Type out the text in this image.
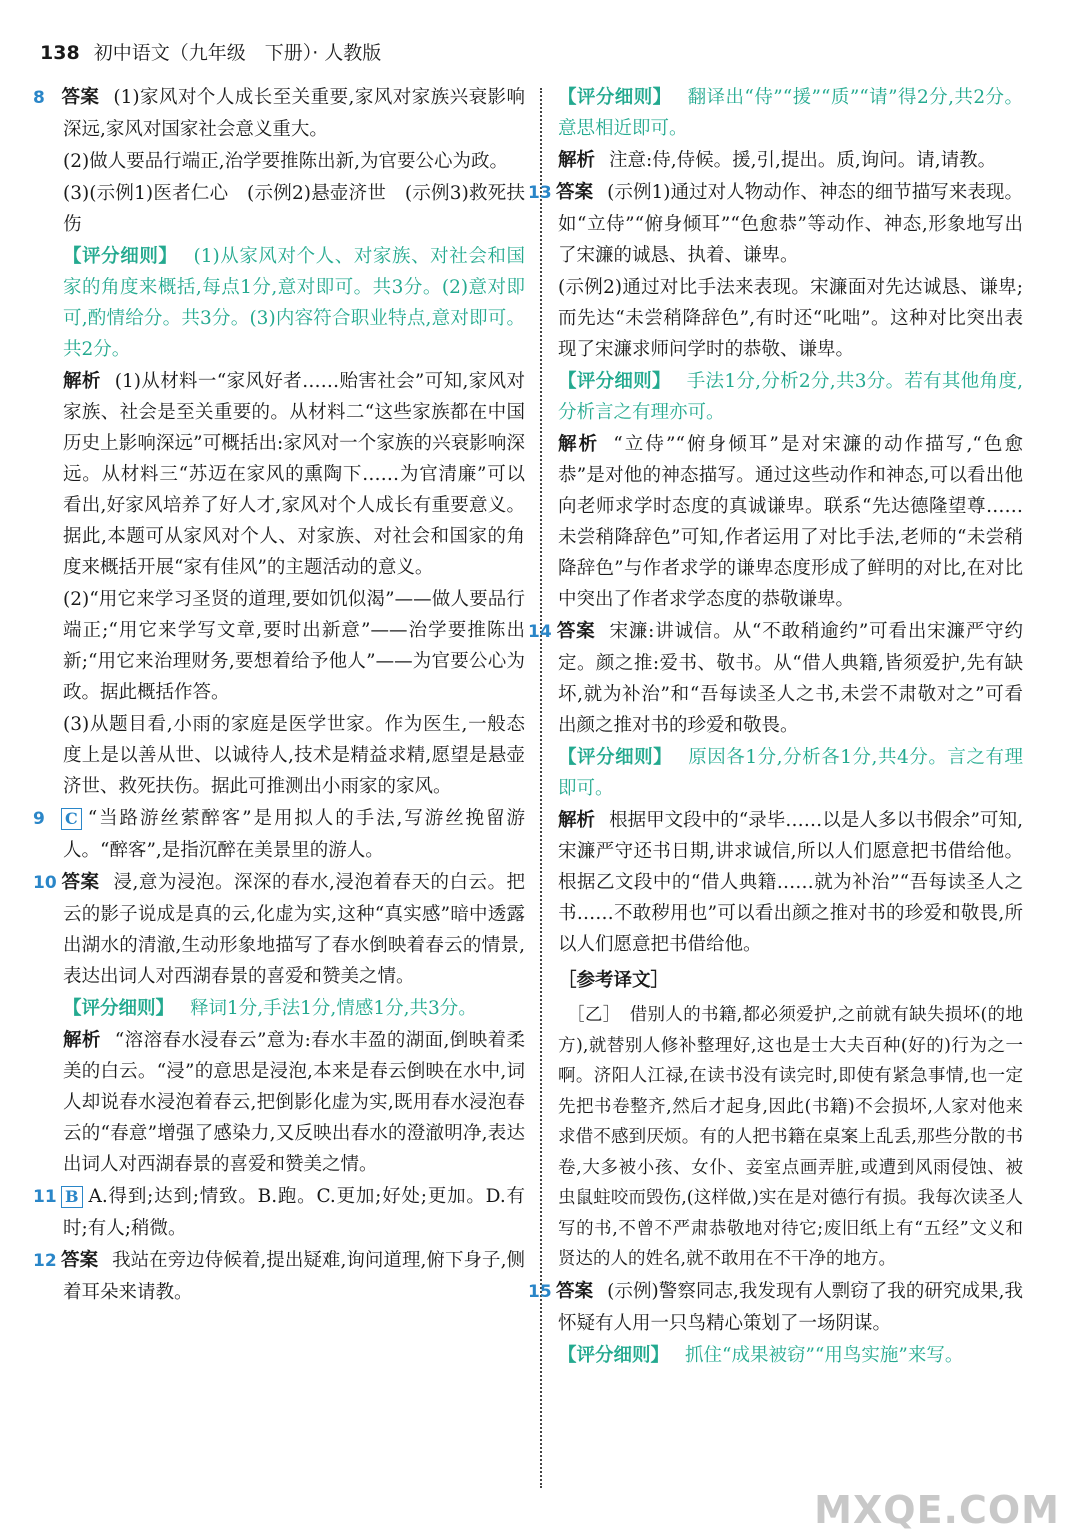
138 初中语文（九年级　下册）· 人教版

8 答案 (1)家风对个人成长至关重要,家风对家族兴衰影响深远,家风对国家社会意义重大。

(2)做人要品行端正,治学要推陈出新,为官要公心为政。

(3)(示例1)医者仁心　(示例2)悬壶济世　(示例3)救死扶伤

【评分细则】 (1)从家风对个人、对家族、对社会和国家的角度来概括,每点1分,意对即可。共3分。(2)意对即可,酌情给分。共3分。(3)内容符合职业特点,意对即可。共2分。

解析 (1)从材料一“家风好者……贻害社会”可知,家风对家族、社会是至关重要的。从材料二“这些家族都在中国历史上影响深远”可概括出:家风对一个家族的兴衰影响深远。从材料三“苏迈在家风的熏陶下……为官清廉”可以看出,好家风培养了好人才,家风对个人成长有重要意义。据此,本题可从家风对个人、对家族、对社会和国家的角度来概括开展“家有佳风”的主题活动的意义。

(2)“用它来学习圣贤的道理,要如饥似渴”——做人要品行端正;“用它来学写文章,要时出新意”——治学要推陈出新;“用它来治理财务,要想着给予他人”——为官要公心为政。据此概括作答。

(3)从题目看,小雨的家庭是医学世家。作为医生,一般态度上是以善从世、以诚待人,技术是精益求精,愿望是悬壶济世、救死扶伤。据此可推测出小雨家的家风。

9 C “当路游丝萦醉客”是用拟人的手法,写游丝挽留游人。“醉客”,是指沉醉在美景里的游人。

10 答案 浸,意为浸泡。深深的春水,浸泡着春天的白云。把云的影子说成是真的云,化虚为实,这种“真实感”暗中透露出湖水的清澈,生动形象地描写了春水倒映着春云的情景,表达出词人对西湖春景的喜爱和赞美之情。

【评分细则】 释词1分,手法1分,情感1分,共3分。

解析 “溶溶春水浸春云”意为:春水丰盈的湖面,倒映着柔美的白云。“浸”的意思是浸泡,本来是春云倒映在水中,词人却说春水浸泡着春云,把倒影化虚为实,既用春水浸泡春云的“春意”增强了感染力,又反映出春水的澄澈明净,表达出词人对西湖春景的喜爱和赞美之情。

11 B A.得到;达到;情致。B.跑。C.更加;好处;更加。D.有时;有人;稍微。

12 答案 我站在旁边侍候着,提出疑难,询问道理,俯下身子,侧着耳朵来请教。

【评分细则】 翻译出“侍”“援”“质”“请”得2分,共2分。意思相近即可。

解析 注意:侍,侍候。援,引,提出。质,询问。请,请教。

13 答案 (示例1)通过对人物动作、神态的细节描写来表现。如“立侍”“俯身倾耳”“色愈恭”等动作、神态,形象地写出了宋濂的诚恳、执着、谦卑。

(示例2)通过对比手法来表现。宋濂面对先达诚恳、谦卑;而先达“未尝稍降辞色”,有时还“叱咄”。这种对比突出表现了宋濂求师问学时的恭敬、谦卑。

【评分细则】 手法1分,分析2分,共3分。若有其他角度,分析言之有理亦可。

解析 “立侍”“俯身倾耳”是对宋濂的动作描写,“色愈恭”是对他的神态描写。通过这些动作和神态,可以看出他向老师求学时态度的真诚谦卑。联系“先达德隆望尊……未尝稍降辞色”可知,作者运用了对比手法,老师的“未尝稍降辞色”与作者求学的谦卑态度形成了鲜明的对比,在对比中突出了作者求学态度的恭敬谦卑。

14 答案 宋濂:讲诚信。从“不敢稍逾约”可看出宋濂严守约定。颜之推:爱书、敬书。从“借人典籍,皆须爱护,先有缺坏,就为补治”和“吾每读圣人之书,未尝不肃敬对之”可看出颜之推对书的珍爱和敬畏。

【评分细则】 原因各1分,分析各1分,共4分。言之有理即可。

解析 根据甲文段中的“录毕……以是人多以书假余”可知,宋濂严守还书日期,讲求诚信,所以人们愿意把书借给他。根据乙文段中的“借人典籍……就为补治”“吾每读圣人之书……不敢秽用也”可以看出颜之推对书的珍爱和敬畏,所以人们愿意把书借给他。

［参考译文］

　［乙］　借别人的书籍,都必须爱护,之前就有缺失损坏(的地方),就替别人修补整理好,这也是士大夫百种(好的)行为之一啊。济阳人江禄,在读书没有读完时,即使有紧急事情,也一定先把书卷整齐,然后才起身,因此(书籍)不会损坏,人家对他来求借不感到厌烦。有的人把书籍在桌案上乱丢,那些分散的书卷,大多被小孩、女仆、妾室点画弄脏,或遭到风雨侵蚀、被虫鼠蛀咬而毁伤,(这样做,)实在是对德行有损。我每次读圣人写的书,不曾不严肃恭敬地对待它;废旧纸上有“五经”文义和贤达的人的姓名,就不敢用在不干净的地方。

15 答案 (示例)警察同志,我发现有人剽窃了我的研究成果,我怀疑有人用一只鸟精心策划了一场阴谋。

【评分细则】 抓住“成果被窃”“用鸟实施”来写。

MXQE.COM
